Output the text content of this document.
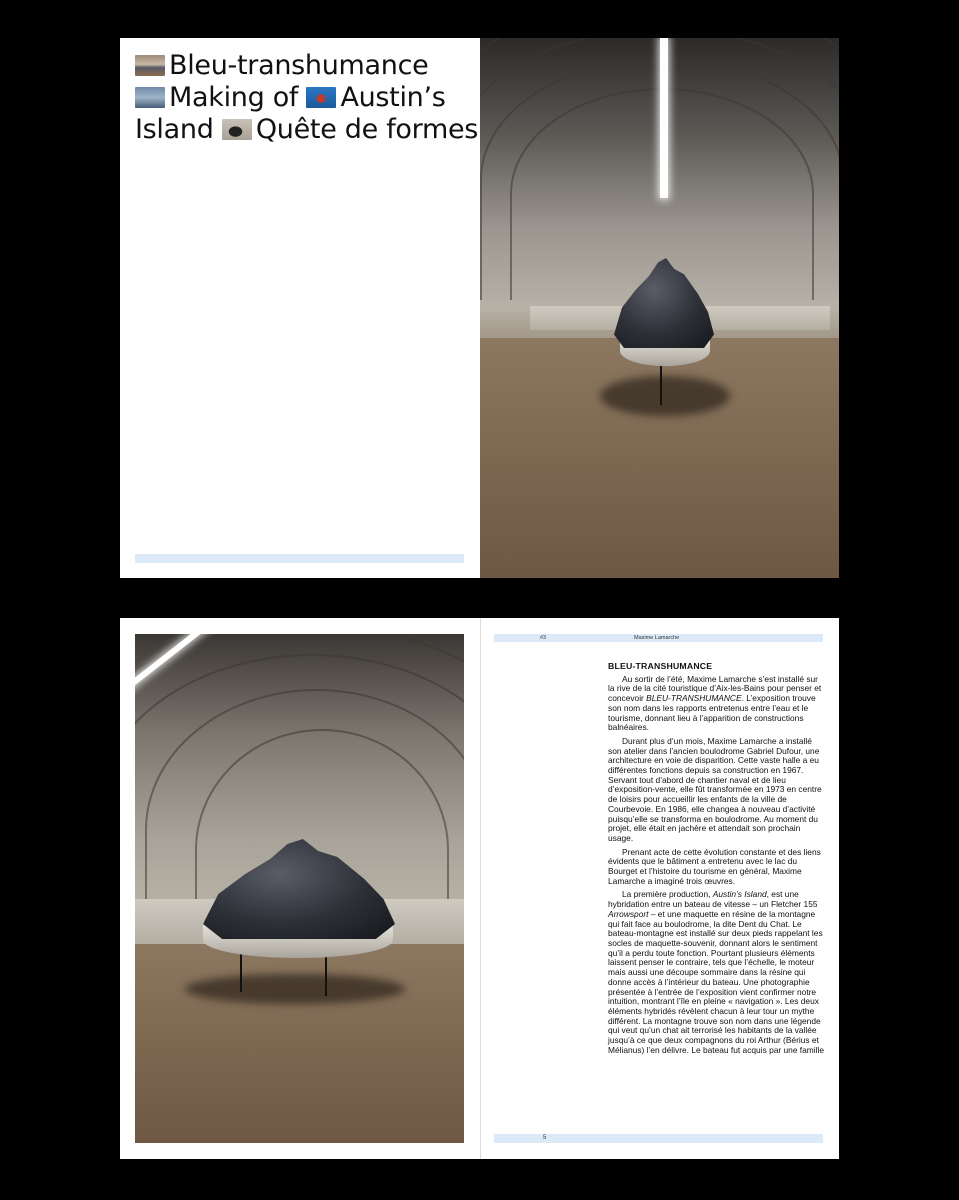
Bleu-transhumance
Making of Austin’s Island Quête de formes
#3	Maxime Lamarche
BLEU-TRANSHUMANCE

Au sortir de l’été, Maxime Lamarche s’est installé sur la rive de la cité touristique d’Aix-les-Bains pour penser et concevoir BLEU-TRANSHUMANCE. L’exposition trouve son nom dans les rapports entretenus entre l’eau et le tourisme, donnant lieu à l’apparition de constructions balnéaires.

Durant plus d’un mois, Maxime Lamarche a installé son atelier dans l’ancien boulodrome Gabriel Dufour, une architecture en voie de disparition. Cette vaste halle a eu différentes fonctions depuis sa construction en 1967. Servant tout d’abord de chantier naval et de lieu d’exposition-vente, elle fût transformée en 1973 en centre de loisirs pour accueillir les enfants de la ville de Courbevoie. En 1986, elle changea à nouveau d’activité puisqu’elle se transforma en boulodrome. Au moment du projet, elle était en jachère et attendait son prochain usage.

Prenant acte de cette évolution constante et des liens évidents que le bâtiment a entretenu avec le lac du Bourget et l’histoire du tourisme en général, Maxime Lamarche a imaginé trois œuvres.

La première production, Austin’s Island, est une hybridation entre un bateau de vitesse – un Fletcher 155 Arrowsport – et une maquette en résine de la montagne qui fait face au boulodrome, la dite Dent du Chat. Le bateau-montagne est installé sur deux pieds rappelant les socles de maquette-souvenir, donnant alors le sentiment qu’il a perdu toute fonction. Pourtant plusieurs éléments laissent penser le contraire, tels que l’échelle, le moteur mais aussi une découpe sommaire dans la résine qui donne accès à l’intérieur du bateau. Une photographie présentée à l’entrée de l’exposition vient confirmer notre intuition, montrant l’île en pleine « navigation ». Les deux éléments hybridés révèlent chacun à leur tour un mythe différent. La montagne trouve son nom dans une légende qui veut qu’un chat ait terrorisé les habitants de la vallée jusqu’à ce que deux compagnons du roi Arthur (Bérius et Mélianus) l’en délivre. Le bateau fut acquis par une famille

5
